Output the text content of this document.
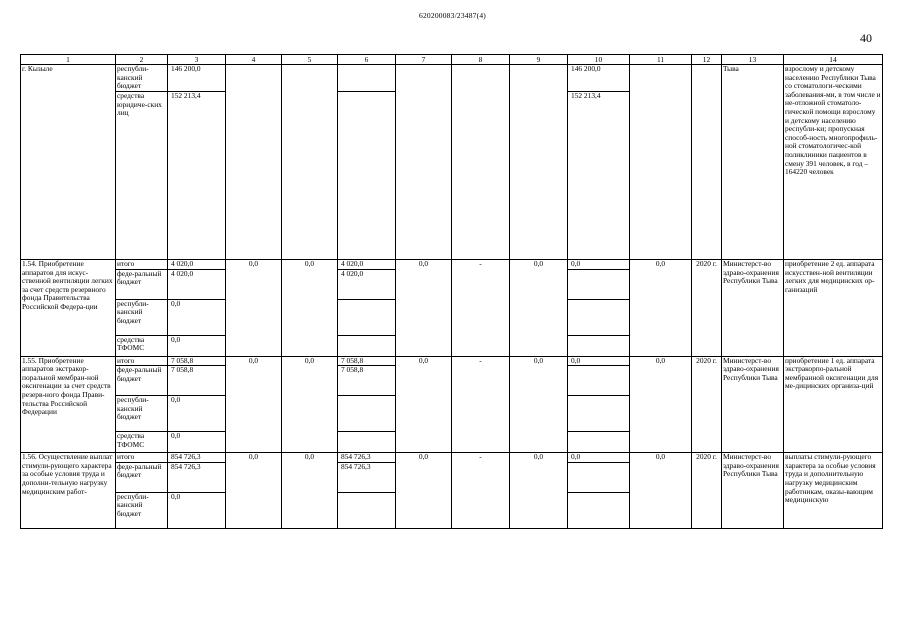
620200083/23487(4)
40
1	2	3	4	5	6	7	8	9	10	11	12	13	14
г. Кызыле	республи-канский бюджет	146 200,0							146 200,0			Тыва	взрослому и детскому населению Республики Тыва со стоматологи-ческими заболевания-ми, в том числе и не-отложной стоматоло-гической помощи взрослому и детскому населению республи-ки; пропускная способ-ность многопрофиль-ной стоматологичес-кой поликлиники пациентов в смену 391 человек, в год – 164220 человек
	средства юридиче-ских лиц	152 213,4							152 213,4				
1.54. Приобретение аппаратов для искус-ственной вентиляции легких за счет средств резервного фонда Правительства Российской Федера-ции	итого	4 020,0	0,0	0,0	4 020,0	0,0	-	0,0	0,0	0,0	2020 г.	Министерст-во здраво-охранения Республики Тыва	приобретение 2 ед. аппарата искусствен-ной вентиляции легких для медицинских ор-ганизаций
	феде-ральный бюджет	4 020,0			4 020,0								
	республи-канский бюджет	0,0											
	средства ТФОМС	0,0											
1.55. Приобретение аппаратов экстракор-поральной мембран-ной оксигенации за счет средств резерв-ного фонда Прави-тельства Российской Федерации	итого	7 058,8	0,0	0,0	7 058,8	0,0	-	0,0	0,0	0,0	2020 г.	Министерст-во здраво-охранения Республики Тыва	приобретение 1 ед. аппарата экстракорпо-ральной мембранной оксигенации для ме-дицинских организа-ций
	феде-ральный бюджет	7 058,8			7 058,8								
	республи-канский бюджет	0,0											
	средства ТФОМС	0,0											
1.56. Осуществление выплат стимули-рующего характера за особые условия труда и дополни-тельную нагрузку медицинским работ-	итого	854 726,3	0,0	0,0	854 726,3	0,0	-	0,0	0,0	0,0	2020 г.	Министерст-во здраво-охранения Республики Тыва	выплаты стимули-рующего характера за особые условия труда и дополнительную нагрузку медицинским работникам, оказы-вающим медицинскую
	феде-ральный бюджет	854 726,3			854 726,3								
	республи-канский бюджет	0,0											
